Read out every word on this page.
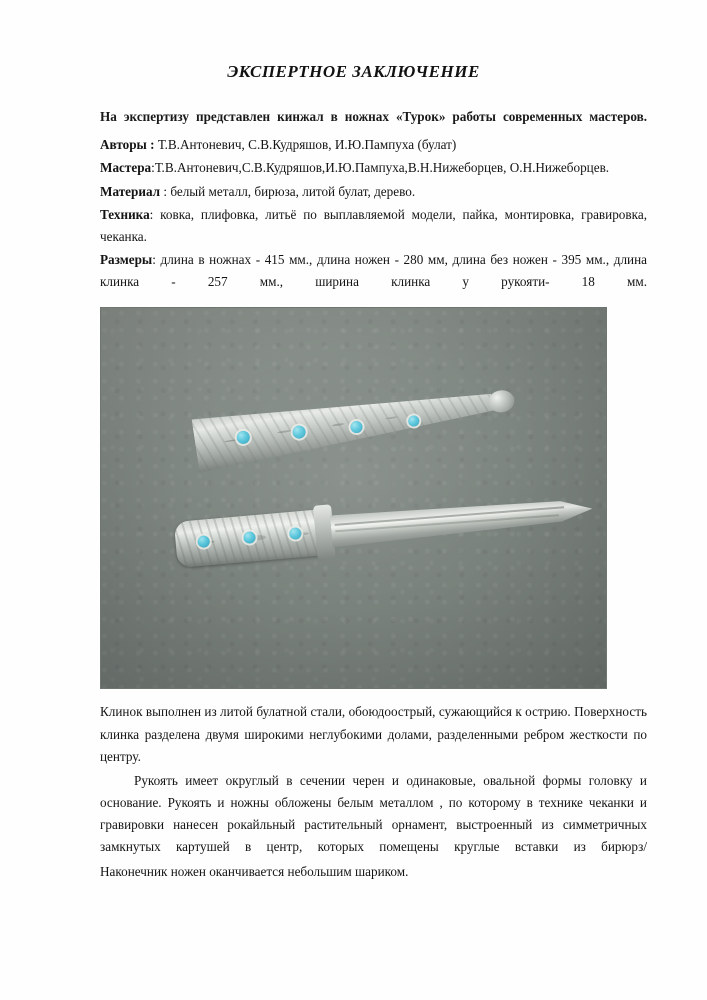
ЭКСПЕРТНОЕ ЗАКЛЮЧЕНИЕ

На экспертизу представлен кинжал в ножнах «Турок» работы современных мастеров.

Авторы : Т.В.Антоневич, С.В.Кудряшов, И.Ю.Пампуха (булат)

Мастера:Т.В.Антоневич,С.В.Кудряшов,И.Ю.Пампуха,В.Н.Нижеборцев, О.Н.Нижеборцев.

Материал : белый металл, бирюза, литой булат, дерево.

Техника: ковка, плифовка, литьё по выплавляемой модели, пайка, монтировка, гравировка, чеканка.

Размеры: длина в ножнах - 415 мм., длина ножен - 280 мм, длина без ножен - 395 мм., длина клинка - 257 мм., ширина клинка у рукояти- 18 мм.

Клинок выполнен из литой булатной стали, обоюдоострый, сужающийся к острию. Поверхность клинка разделена двумя широкими неглубокими долами, разделенными ребром жесткости по центру.

Рукоять имеет округлый в сечении черен и одинаковые, овальной формы головку и основание. Рукоять и ножны обложены белым металлом , по которому в технике чеканки и гравировки нанесен рокайльный растительный орнамент, выстроенный из симметричных замкнутых картушей в центр, которых помещены круглые вставки из бирюрз/

Наконечник ножен оканчивается небольшим шариком.
